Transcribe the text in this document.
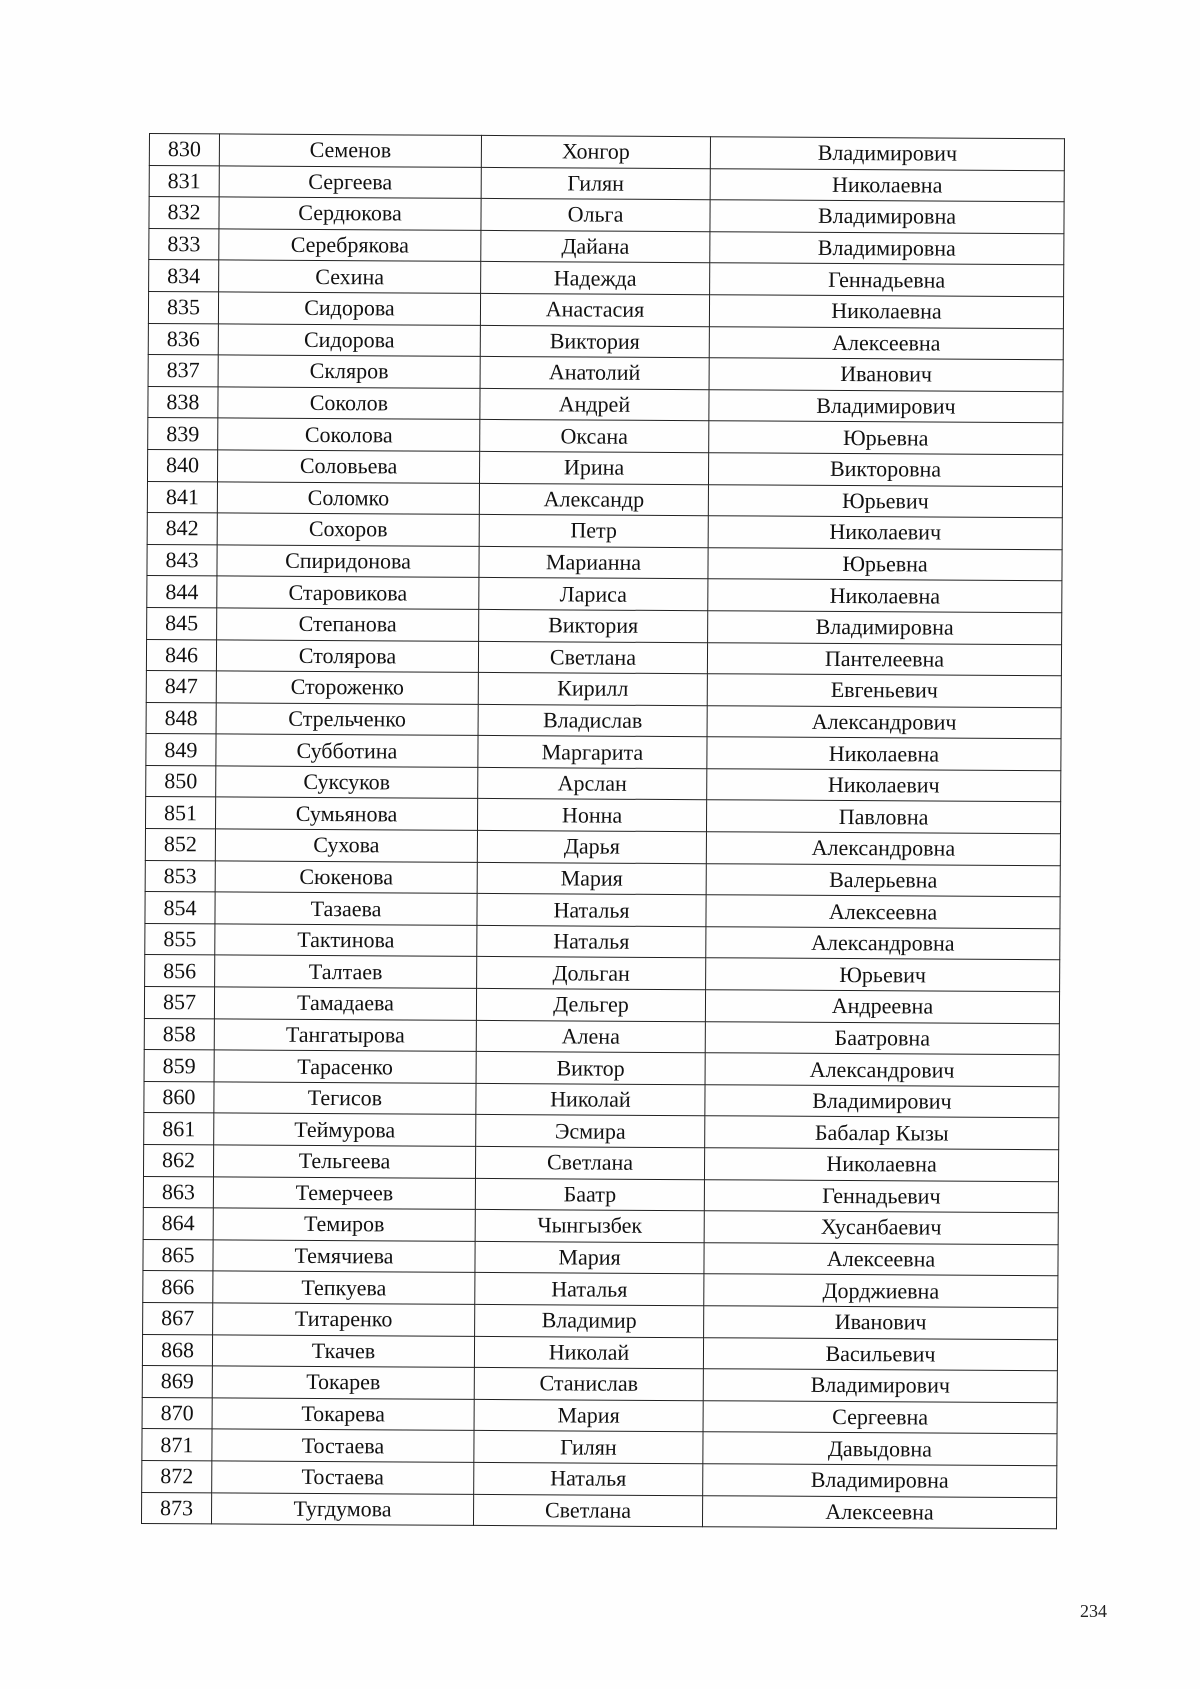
830	Семенов	Хонгор	Владимирович
831	Сергеева	Гилян	Николаевна
832	Сердюкова	Ольга	Владимировна
833	Серебрякова	Дайана	Владимировна
834	Сехина	Надежда	Геннадьевна
835	Сидорова	Анастасия	Николаевна
836	Сидорова	Виктория	Алексеевна
837	Скляров	Анатолий	Иванович
838	Соколов	Андрей	Владимирович
839	Соколова	Оксана	Юрьевна
840	Соловьева	Ирина	Викторовна
841	Соломко	Александр	Юрьевич
842	Сохоров	Петр	Николаевич
843	Спиридонова	Марианна	Юрьевна
844	Старовикова	Лариса	Николаевна
845	Степанова	Виктория	Владимировна
846	Столярова	Светлана	Пантелеевна
847	Стороженко	Кирилл	Евгеньевич
848	Стрельченко	Владислав	Александрович
849	Субботина	Маргарита	Николаевна
850	Суксуков	Арслан	Николаевич
851	Сумьянова	Нонна	Павловна
852	Сухова	Дарья	Александровна
853	Сюкенова	Мария	Валерьевна
854	Тазаева	Наталья	Алексеевна
855	Тактинова	Наталья	Александровна
856	Талтаев	Дольган	Юрьевич
857	Тамадаева	Дельгер	Андреевна
858	Тангатырова	Алена	Баатровна
859	Тарасенко	Виктор	Александрович
860	Тегисов	Николай	Владимирович
861	Теймурова	Эсмира	Бабалар Кызы
862	Тельгеева	Светлана	Николаевна
863	Темерчеев	Баатр	Геннадьевич
864	Темиров	Чынгызбек	Хусанбаевич
865	Темячиева	Мария	Алексеевна
866	Тепкуева	Наталья	Дорджиевна
867	Титаренко	Владимир	Иванович
868	Ткачев	Николай	Васильевич
869	Токарев	Станислав	Владимирович
870	Токарева	Мария	Сергеевна
871	Тостаева	Гилян	Давыдовна
872	Тостаева	Наталья	Владимировна
873	Тугдумова	Светлана	Алексеевна
234
